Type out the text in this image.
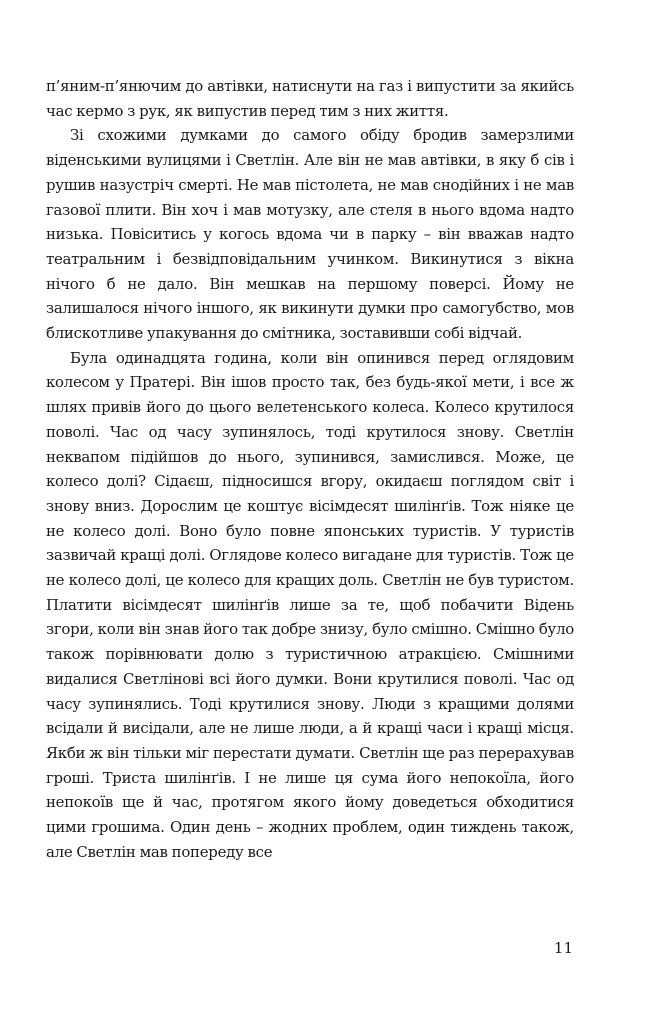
п’яним-п’янючим до автівки, натиснути на газ і випустити за якийсь час кермо з рук, як випустив перед тим з них життя.

Зі схожими думками до самого обіду бродив замерзлими віденськими вулицями і Светлін. Але він не мав автівки, в яку б сів і рушив назустріч смерті. Не мав пістолета, не мав снодійних і не мав газової плити. Він хоч і мав мотузку, але стеля в нього вдома надто низька. Повіситись у когось вдома чи в парку – він вважав надто театральним і безвідповідальним учинком. Викинутися з вікна нічого б не дало. Він мешкав на першому поверсі. Йому не залишалося нічого іншого, як викинути думки про самогубство, мов блискотливе упакування до смітника, зоставивши собі відчай.

Була одинадцята година, коли він опинився перед оглядовим колесом у Пратері. Він ішов просто так, без будь-якої мети, і все ж шлях привів його до цього велетенського колеса. Колесо крутилося поволі. Час од часу зупинялось, тоді крутилося знову. Светлін неквапом підійшов до нього, зупинився, замислився. Може, це колесо долі? Сідаєш, підносишся вгору, окидаєш поглядом світ і знову вниз. Дорослим це коштує вісімдесят шилінґів. Тож ніяке це не колесо долі. Воно було повне японських туристів. У туристів зазвичай кращі долі. Оглядове колесо вигадане для туристів. Тож це не колесо долі, це колесо для кращих доль. Светлін не був туристом. Платити вісімдесят шилінґів лише за те, щоб побачити Відень згори, коли він знав його так добре знизу, було смішно. Смішно було також порівнювати долю з туристичною атракцією. Смішними видалися Светлінові всі його думки. Вони крутилися поволі. Час од часу зупинялись. Тоді крутилися знову. Люди з кращими долями всідали й висідали, але не лише люди, а й кращі часи і кращі місця. Якби ж він тільки міг перестати думати. Светлін ще раз перерахував гроші. Триста шилінґів. І не лише ця сума його непокоїла, його непокоїв ще й час, протягом якого йому доведеться обходитися цими грошима. Один день – жодних проблем, один тиждень також, але Светлін мав попереду все

11
